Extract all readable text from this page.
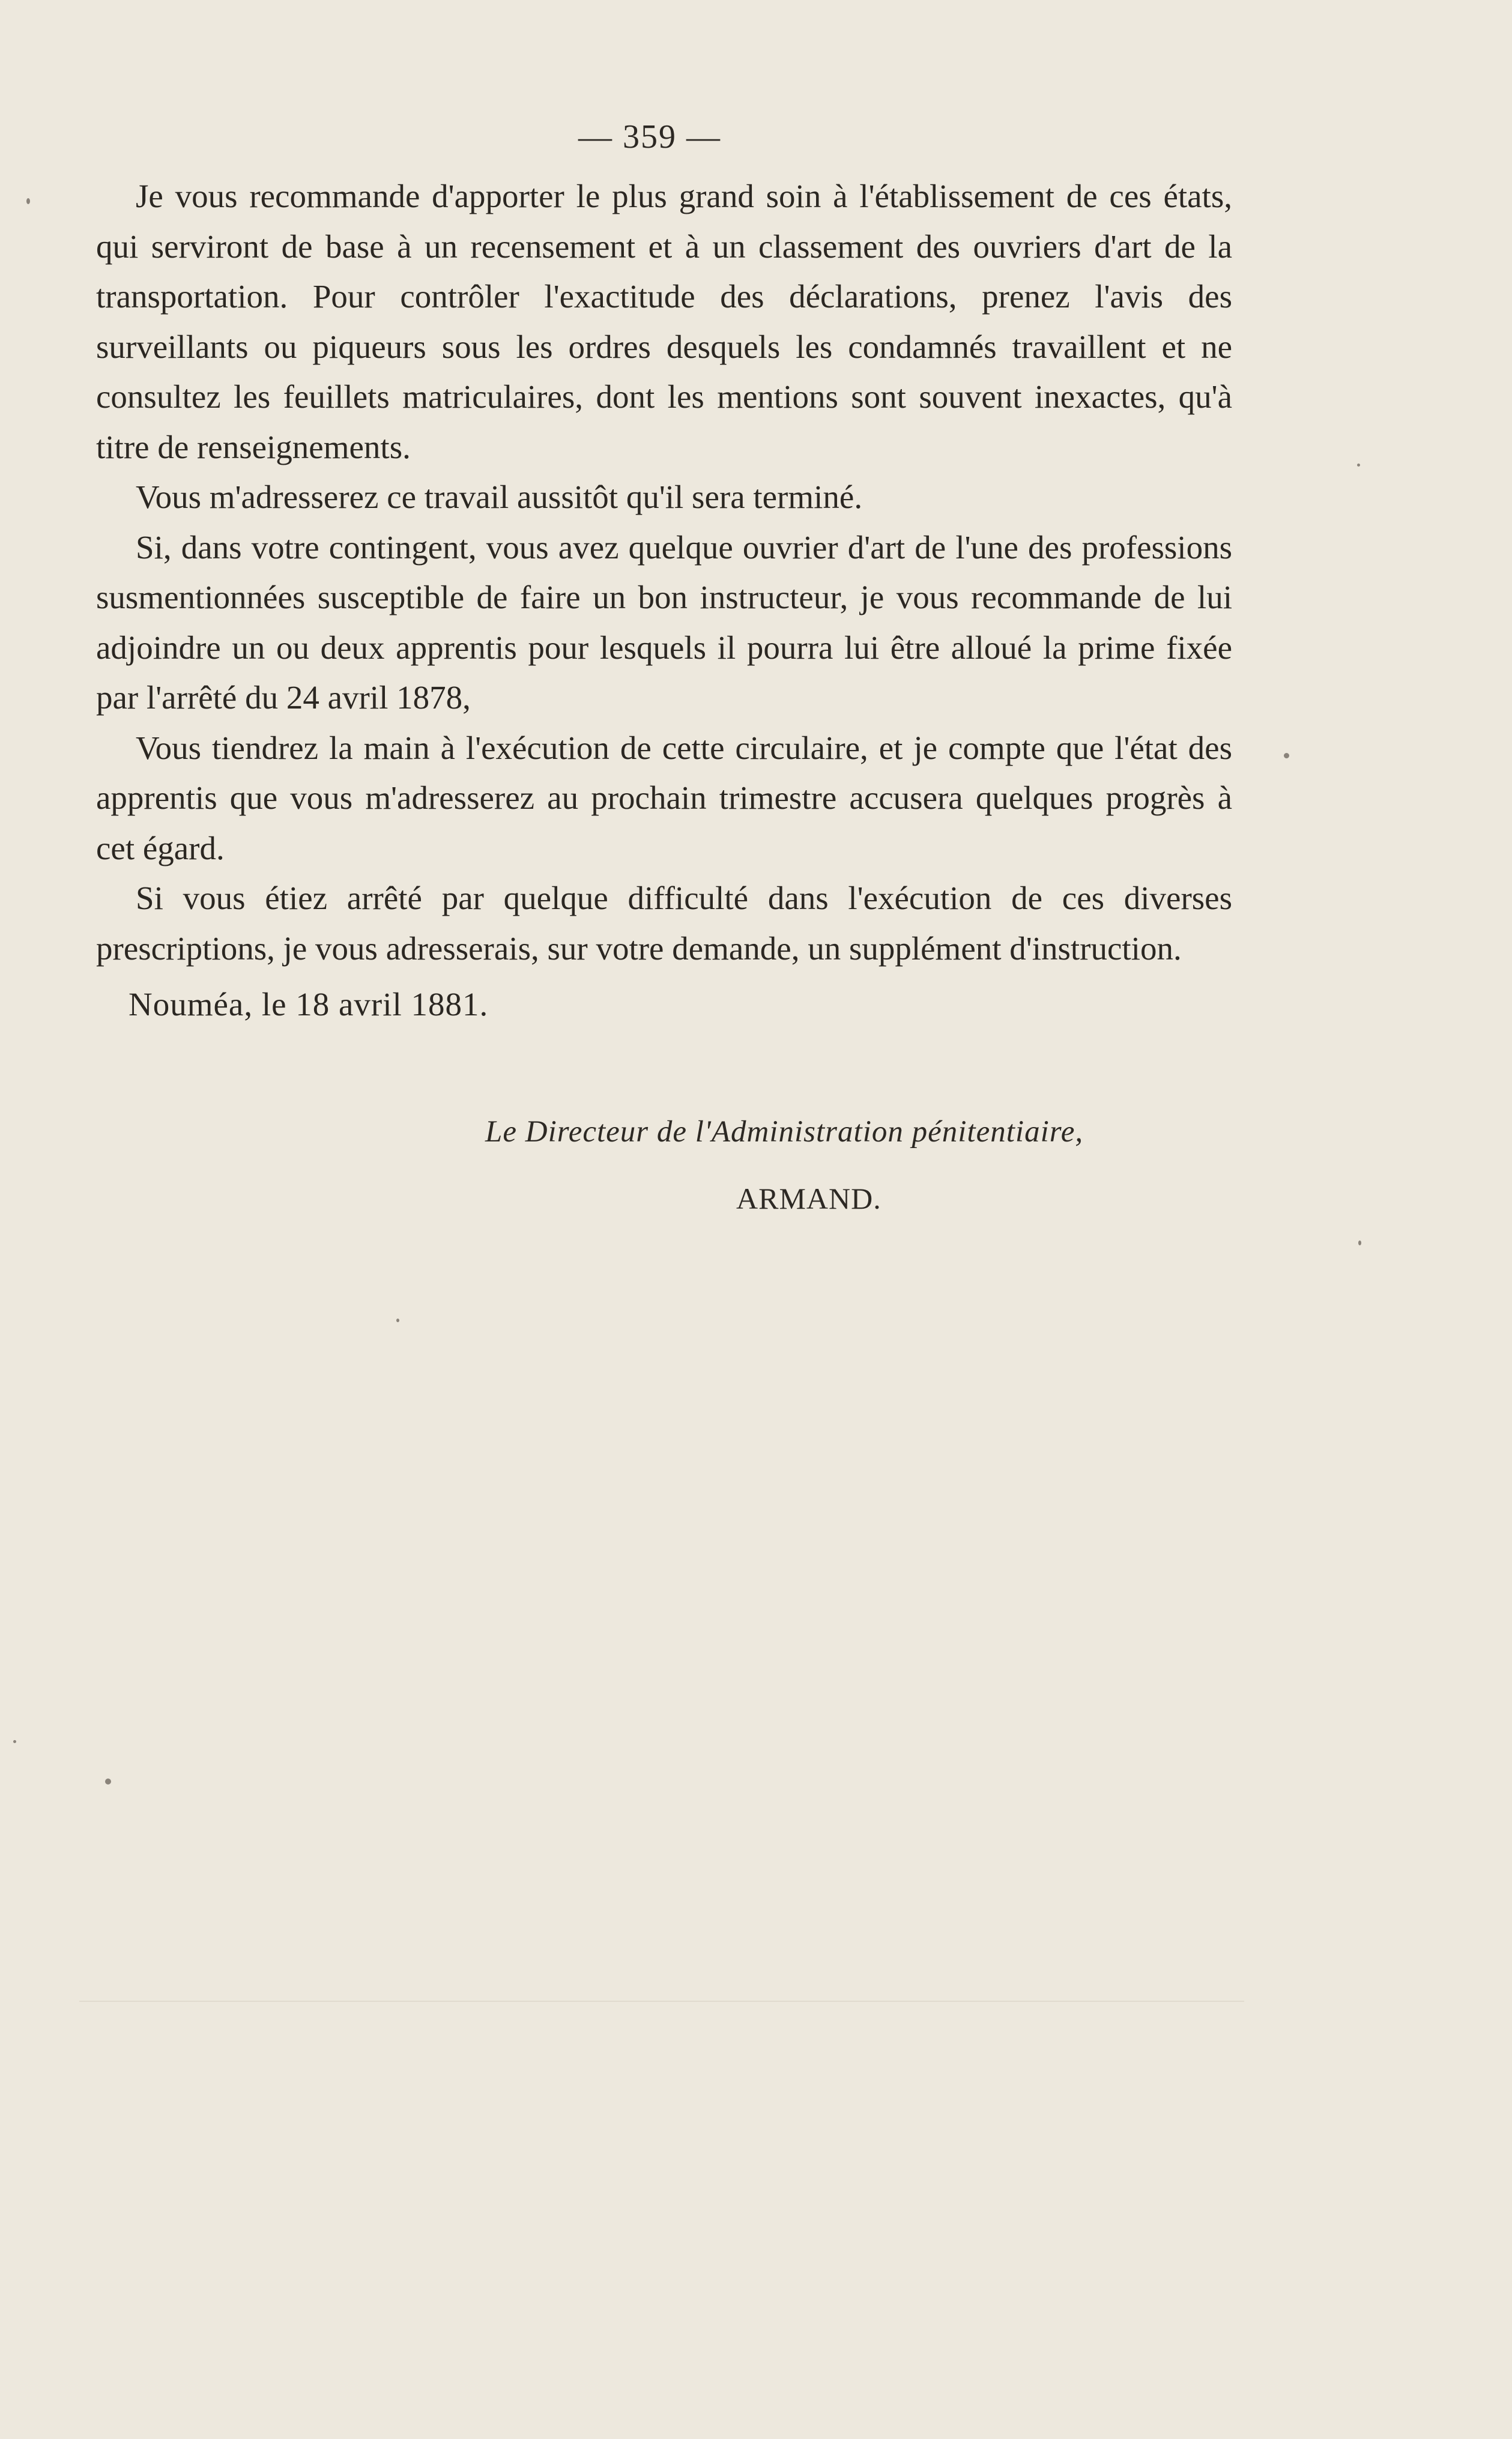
— 359 —

Je vous recommande d'apporter le plus grand soin à l'établissement de ces états, qui serviront de base à un recensement et à un classement des ouvriers d'art de la transportation. Pour contrôler l'exactitude des déclarations, prenez l'avis des surveillants ou piqueurs sous les ordres desquels les condamnés travaillent et ne consultez les feuillets matriculaires, dont les mentions sont souvent inexactes, qu'à titre de renseignements.

Vous m'adresserez ce travail aussitôt qu'il sera terminé.

Si, dans votre contingent, vous avez quelque ouvrier d'art de l'une des professions susmentionnées susceptible de faire un bon instructeur, je vous recommande de lui adjoindre un ou deux apprentis pour lesquels il pourra lui être alloué la prime fixée par l'arrêté du 24 avril 1878,

Vous tiendrez la main à l'exécution de cette circulaire, et je compte que l'état des apprentis que vous m'adresserez au prochain trimestre accusera quelques progrès à cet égard.

Si vous étiez arrêté par quelque difficulté dans l'exécution de ces diverses prescriptions, je vous adresserais, sur votre demande, un supplément d'instruction.

Nouméa, le 18 avril 1881.

Le Directeur de l'Administration pénitentiaire,
ARMAND.
